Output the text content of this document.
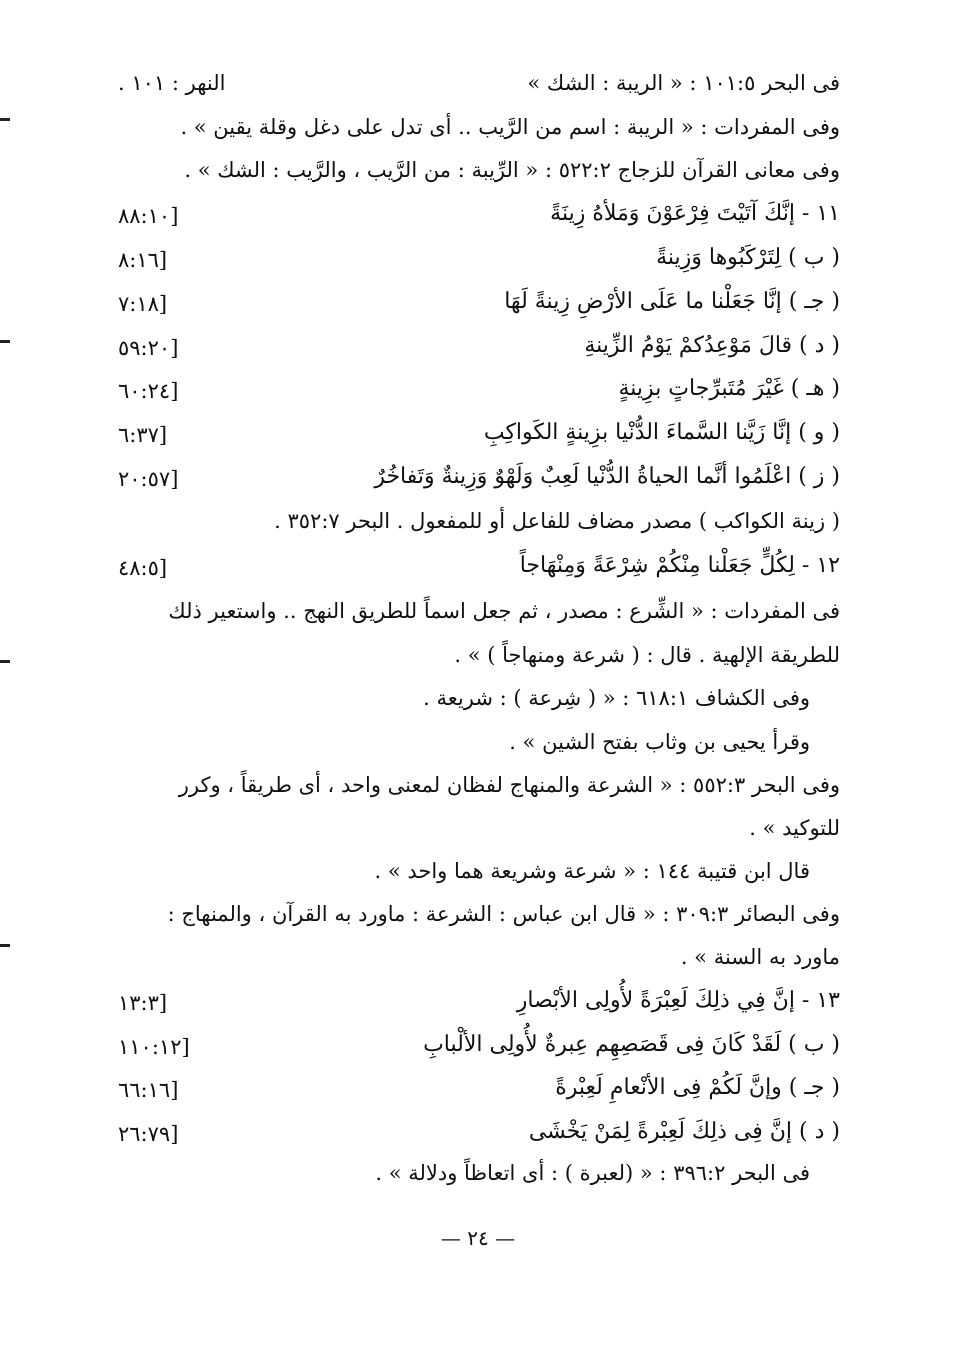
فى البحر ١٠١:٥ : « الريبة : الشك »
النهر : ١٠١ .
وفى المفردات : « الريبة : اسم من الرَّيب .. أى تدل على دغل وقلة يقين » .
وفى معانى القرآن للزجاج ٥٢٢:٢ : « الرِّيبة : من الرَّيب ، والرَّيب : الشك » .
١١ - إنَّكَ آتَيْتَ فِرْعَوْنَ وَمَلأهُ زِينَةً
[٨٨:١٠
( ب ) لِتَرْكَبُوها وَزِينةً
[٨:١٦
( جـ ) إنَّا جَعَلْنا ما عَلَى الأرْضِ زِينةً لَهَا
[٧:١٨
( د ) قالَ مَوْعِدُكمْ يَوْمُ الزِّينةِ
[٥٩:٢٠
( هـ ) غَيْرَ مُتَبرِّجاتٍ بزِينةٍ
[٦٠:٢٤
( و ) إنَّا زَيَّنا السَّماءَ الدُّنْيا بزِينةٍ الكَواكِبِ
[٦:٣٧
( ز ) اعْلَمُوا أنَّما الحياةُ الدُّنْيا لَعِبٌ وَلَهْوٌ وَزِينةٌ وَتَفاخُرٌ
[٢٠:٥٧
( زينة الكواكب ) مصدر مضاف للفاعل أو للمفعول . البحر ٣٥٢:٧ .
١٢ - لِكُلٍّ جَعَلْنا مِنْكُمْ شِرْعَةً وَمِنْهَاجاً
[٤٨:٥
فى المفردات : « الشِّرع : مصدر ، ثم جعل اسماً للطريق النهج .. واستعير ذلك
للطريقة الإلهية . قال : ( شرعة ومنهاجاً ) » .
وفى الكشاف ٦١٨:١ : « ( شِرعة ) : شريعة .
وقرأ يحيى بن وثاب بفتح الشين » .
وفى البحر ٥٥٢:٣ : « الشرعة والمنهاج لفظان لمعنى واحد ، أى طريقاً ، وكرر
للتوكيد » .
قال ابن قتيبة ١٤٤ : « شرعة وشريعة هما واحد » .
وفى البصائر ٣٠٩:٣ : « قال ابن عباس : الشرعة : ماورد به القرآن ، والمنهاج :
ماورد به السنة » .
١٣ - إنَّ فِي ذلِكَ لَعِبْرَةً لأُولِى الأبْصارِ
[١٣:٣
( ب ) لَقَدْ كَانَ فِى قَصَصِهِم عِبرةٌ لأُولِى الألْبابِ
[١١٠:١٢
( جـ ) وإنَّ لَكُمْ فِى الأنْعامِ لَعِبْرةً
[٦٦:١٦
( د ) إنَّ فِى ذلِكَ لَعِبْرةً لِمَنْ يَخْشَى
[٢٦:٧٩
فى البحر ٣٩٦:٢ : « (لعبرة ) : أى اتعاظاً ودلالة » .
— ٢٤ —
